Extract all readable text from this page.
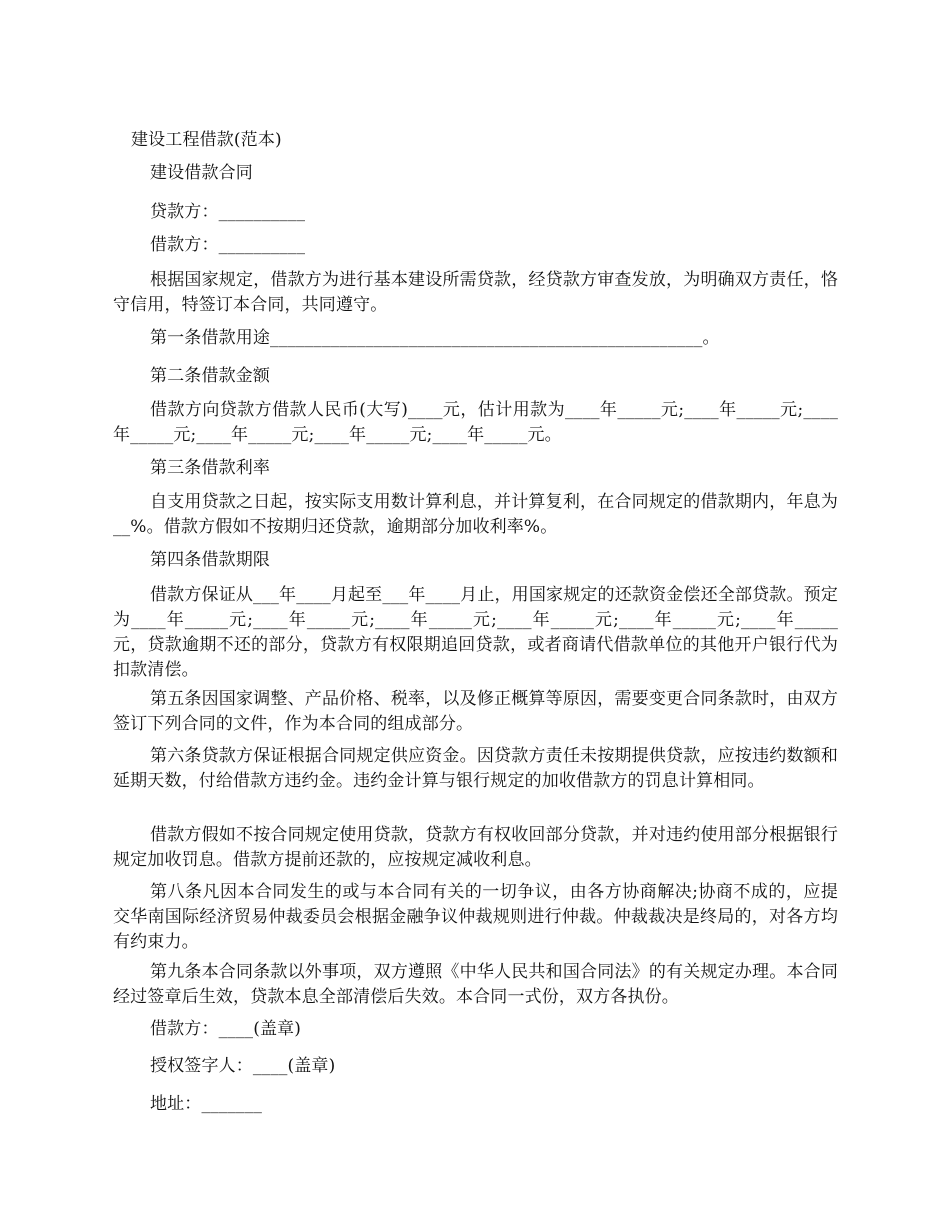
建设工程借款(范本)
建设借款合同
贷款方：__________
借款方：__________
根据国家规定，借款方为进行基本建设所需贷款，经贷款方审查发放，为明确双方责任，恪守信用，特签订本合同，共同遵守。
第一条借款用途__________________________________________________。
第二条借款金额
借款方向贷款方借款人民币(大写)____元，估计用款为____年_____元;____年_____元;____年_____元;____年_____元;____年_____元;____年_____元。
第三条借款利率
自支用贷款之日起，按实际支用数计算利息，并计算复利，在合同规定的借款期内，年息为__%。借款方假如不按期归还贷款，逾期部分加收利率%。
第四条借款期限
借款方保证从___年____月起至___年____月止，用国家规定的还款资金偿还全部贷款。预定为____年_____元;____年_____元;____年_____元;____年_____元;____年_____元;____年_____元，贷款逾期不还的部分，贷款方有权限期追回贷款，或者商请代借款单位的其他开户银行代为扣款清偿。
第五条因国家调整、产品价格、税率，以及修正概算等原因，需要变更合同条款时，由双方签订下列合同的文件，作为本合同的组成部分。
第六条贷款方保证根据合同规定供应资金。因贷款方责任未按期提供贷款，应按违约数额和延期天数，付给借款方违约金。违约金计算与银行规定的加收借款方的罚息计算相同。
借款方假如不按合同规定使用贷款，贷款方有权收回部分贷款，并对违约使用部分根据银行规定加收罚息。借款方提前还款的，应按规定减收利息。
第八条凡因本合同发生的或与本合同有关的一切争议，由各方协商解决;协商不成的，应提交华南国际经济贸易仲裁委员会根据金融争议仲裁规则进行仲裁。仲裁裁决是终局的，对各方均有约束力。
第九条本合同条款以外事项，双方遵照《中华人民共和国合同法》的有关规定办理。本合同经过签章后生效，贷款本息全部清偿后失效。本合同一式份，双方各执份。
借款方：____(盖章)
授权签字人：____(盖章)
地址：_______
